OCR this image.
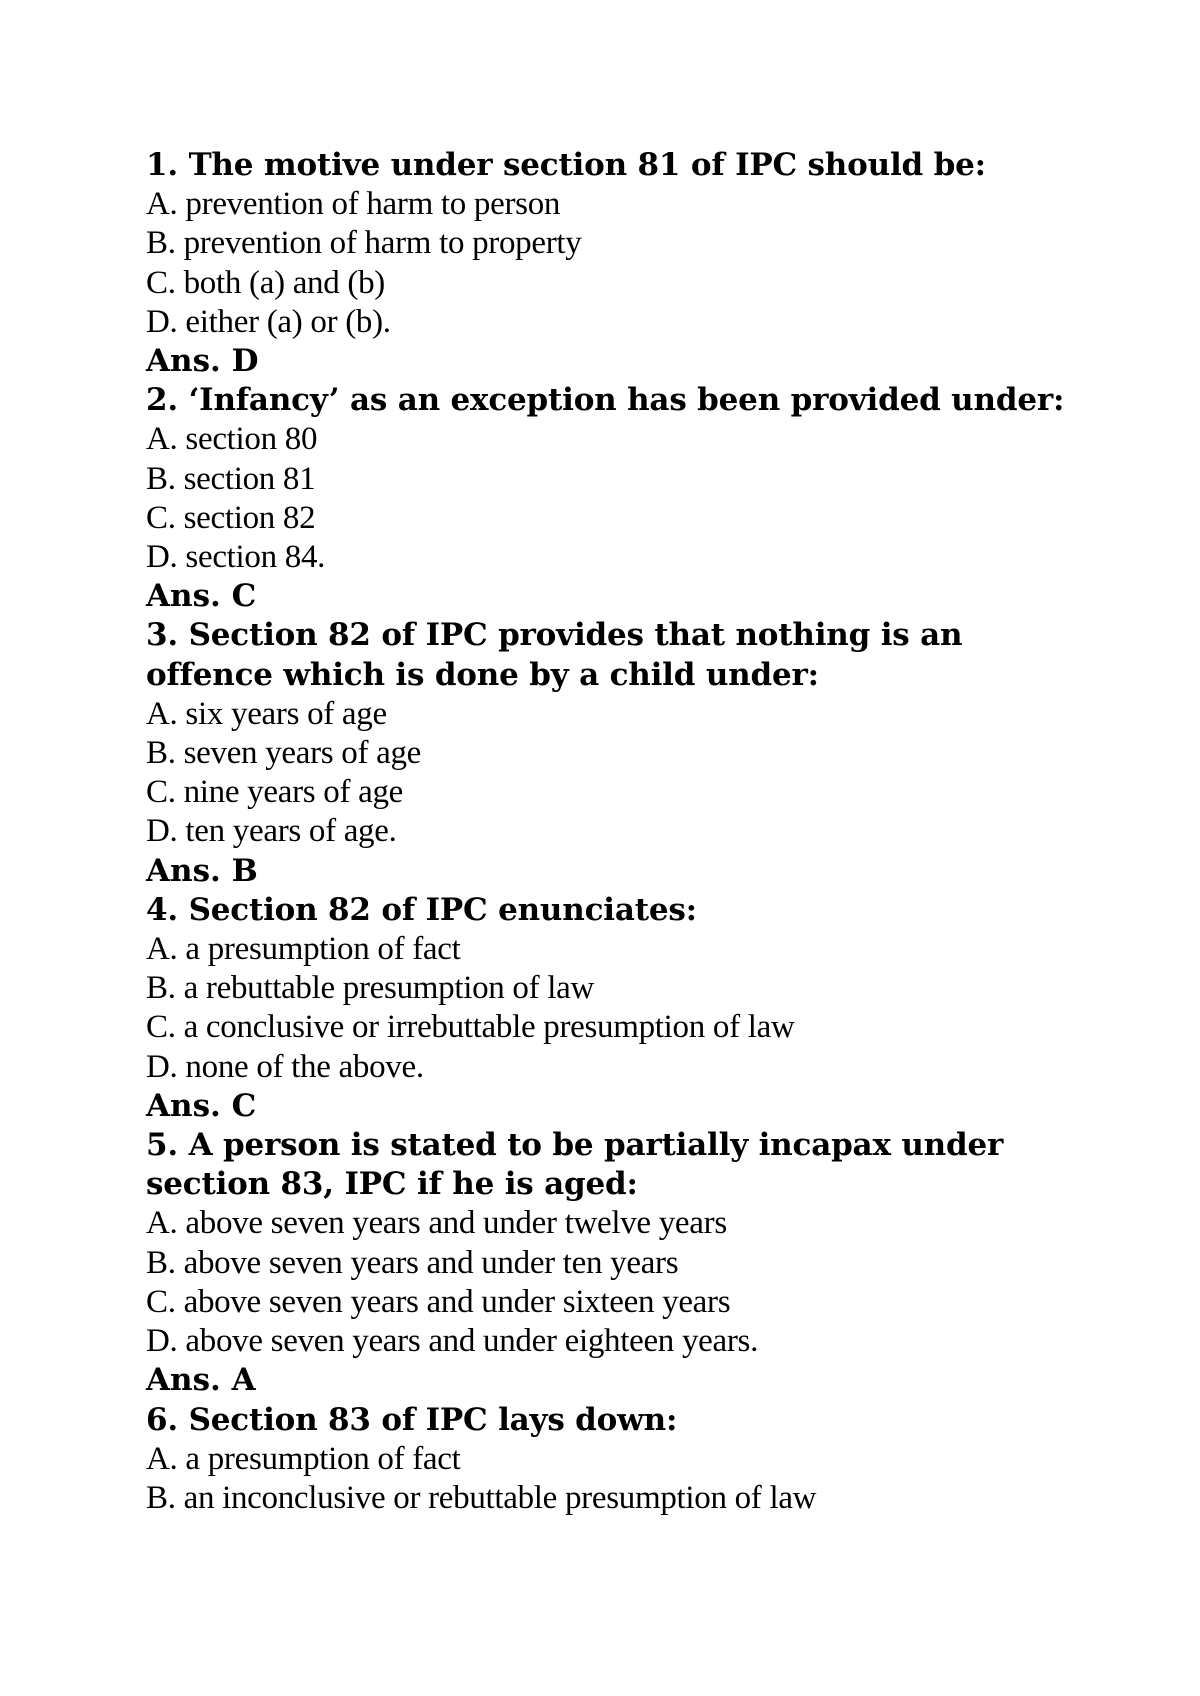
1. The motive under section 81 of IPC should be:
A. prevention of harm to person
B. prevention of harm to property
C. both (a) and (b)
D. either (a) or (b).
Ans. D
2. ‘Infancy’ as an exception has been provided under:
A. section 80
B. section 81
C. section 82
D. section 84.
Ans. C
3. Section 82 of IPC provides that nothing is an offence which is done by a child under:
A. six years of age
B. seven years of age
C. nine years of age
D. ten years of age.
Ans. B
4. Section 82 of IPC enunciates:
A. a presumption of fact
B. a rebuttable presumption of law
C. a conclusive or irrebuttable presumption of law
D. none of the above.
Ans. C
5. A person is stated to be partially incapax under section 83, IPC if he is aged:
A. above seven years and under twelve years
B. above seven years and under ten years
C. above seven years and under sixteen years
D. above seven years and under eighteen years.
Ans. A
6. Section 83 of IPC lays down:
A. a presumption of fact
B. an inconclusive or rebuttable presumption of law
